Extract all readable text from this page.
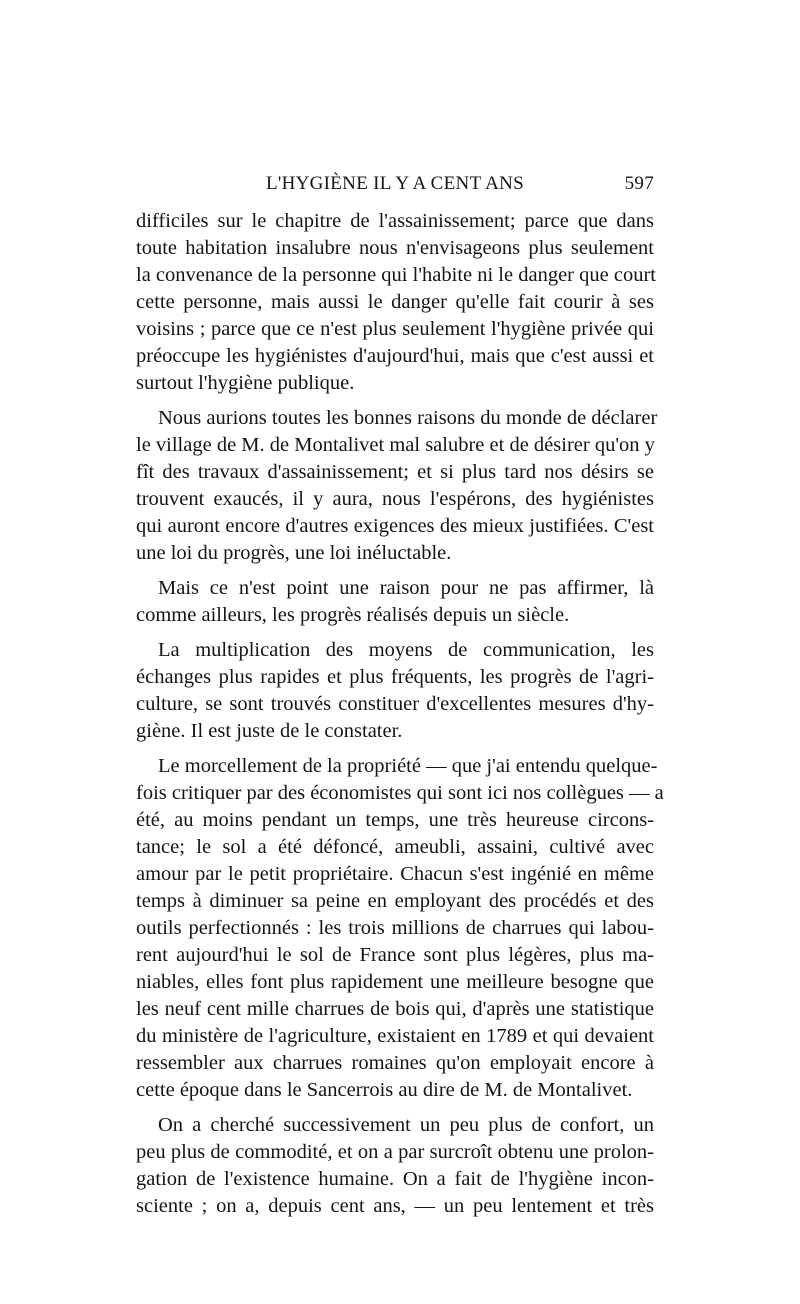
L'HYGIÈNE IL Y A CENT ANS	597
difficiles sur le chapitre de l'assainissement; parce que dans
toute habitation insalubre nous n'envisageons plus seulement
la convenance de la personne qui l'habite ni le danger que court
cette personne, mais aussi le danger qu'elle fait courir à ses
voisins ; parce que ce n'est plus seulement l'hygiène privée qui
préoccupe les hygiénistes d'aujourd'hui, mais que c'est aussi et
surtout l'hygiène publique.
Nous aurions toutes les bonnes raisons du monde de déclarer
le village de M. de Montalivet mal salubre et de désirer qu'on y
fît des travaux d'assainissement; et si plus tard nos désirs se
trouvent exaucés, il y aura, nous l'espérons, des hygiénistes
qui auront encore d'autres exigences des mieux justifiées. C'est
une loi du progrès, une loi inéluctable.
Mais ce n'est point une raison pour ne pas affirmer, là
comme ailleurs, les progrès réalisés depuis un siècle.
La multiplication des moyens de communication, les
échanges plus rapides et plus fréquents, les progrès de l'agri-
culture, se sont trouvés constituer d'excellentes mesures d'hy-
giène. Il est juste de le constater.
Le morcellement de la propriété — que j'ai entendu quelque-
fois critiquer par des économistes qui sont ici nos collègues — a
été, au moins pendant un temps, une très heureuse circons-
tance; le sol a été défoncé, ameubli, assaini, cultivé avec
amour par le petit propriétaire. Chacun s'est ingénié en même
temps à diminuer sa peine en employant des procédés et des
outils perfectionnés : les trois millions de charrues qui labou-
rent aujourd'hui le sol de France sont plus légères, plus ma-
niables, elles font plus rapidement une meilleure besogne que
les neuf cent mille charrues de bois qui, d'après une statistique
du ministère de l'agriculture, existaient en 1789 et qui devaient
ressembler aux charrues romaines qu'on employait encore à
cette époque dans le Sancerrois au dire de M. de Montalivet.
On a cherché successivement un peu plus de confort, un
peu plus de commodité, et on a par surcroît obtenu une prolon-
gation de l'existence humaine. On a fait de l'hygiène incon-
sciente ; on a, depuis cent ans, — un peu lentement et très
